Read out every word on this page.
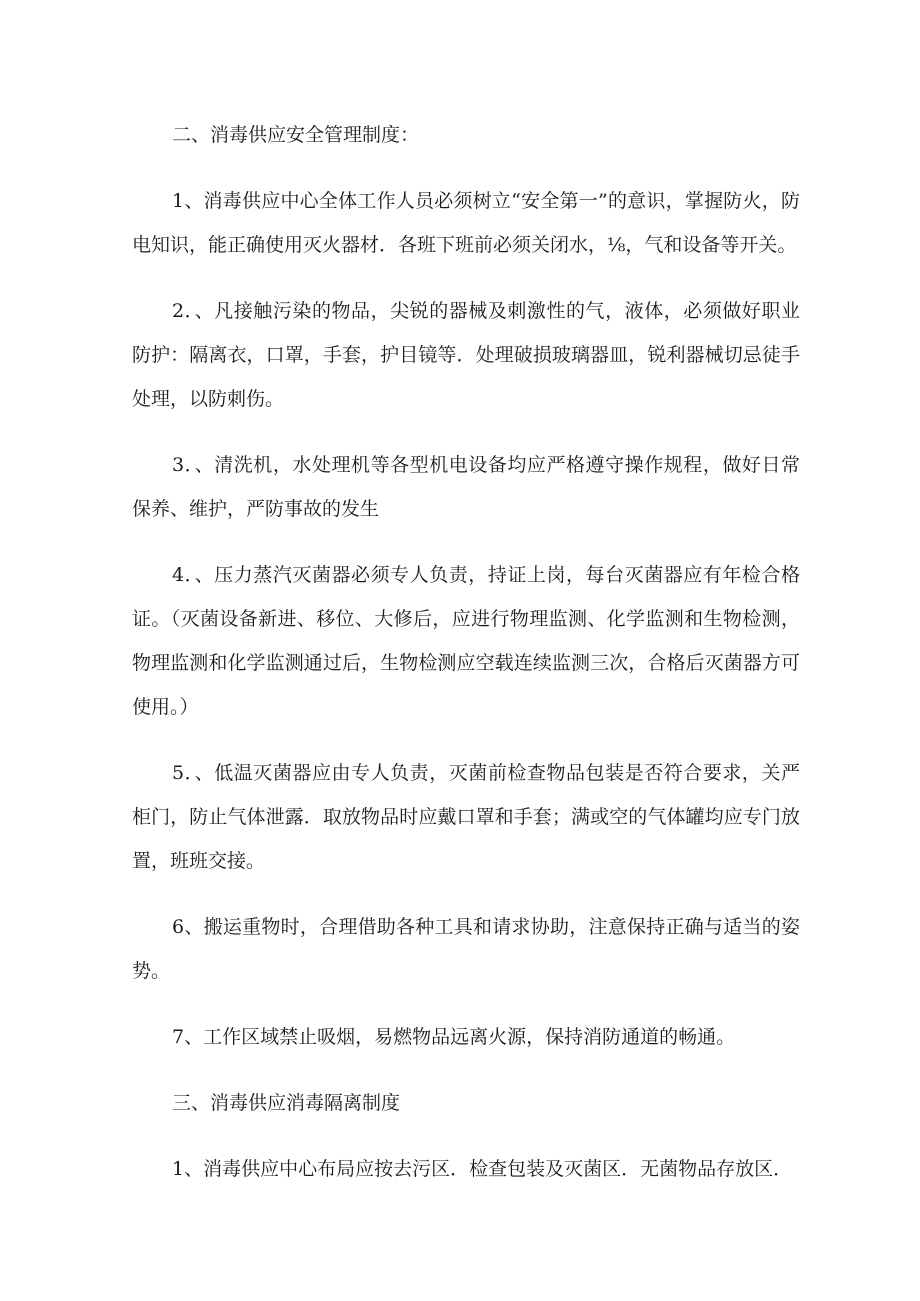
二、消毒供应安全管理制度：

1、消毒供应中心全体工作人员必须树立“安全第一”的意识，掌握防火，防电知识，能正确使用灭火器材．各班下班前必须关闭水，⅛，气和设备等开关。

2．、凡接触污染的物品，尖锐的器械及刺激性的气，液体，必须做好职业防护：隔离衣，口罩，手套，护目镜等．处理破损玻璃器皿，锐利器械切忌徒手处理，以防刺伤。

3．、清洗机，水处理机等各型机电设备均应严格遵守操作规程，做好日常保养、维护，严防事故的发生

4．、压力蒸汽灭菌器必须专人负责，持证上岗，每台灭菌器应有年检合格证。（灭菌设备新进、移位、大修后，应进行物理监测、化学监测和生物检测，物理监测和化学监测通过后，生物检测应空载连续监测三次，合格后灭菌器方可使用。）

5．、低温灭菌器应由专人负责，灭菌前检查物品包装是否符合要求，关严柜门，防止气体泄露．取放物品时应戴口罩和手套；满或空的气体罐均应专门放置，班班交接。

6、搬运重物时，合理借助各种工具和请求协助，注意保持正确与适当的姿势。

7、工作区域禁止吸烟，易燃物品远离火源，保持消防通道的畅通。

三、消毒供应消毒隔离制度

1、消毒供应中心布局应按去污区．检查包装及灭菌区．无菌物品存放区．
